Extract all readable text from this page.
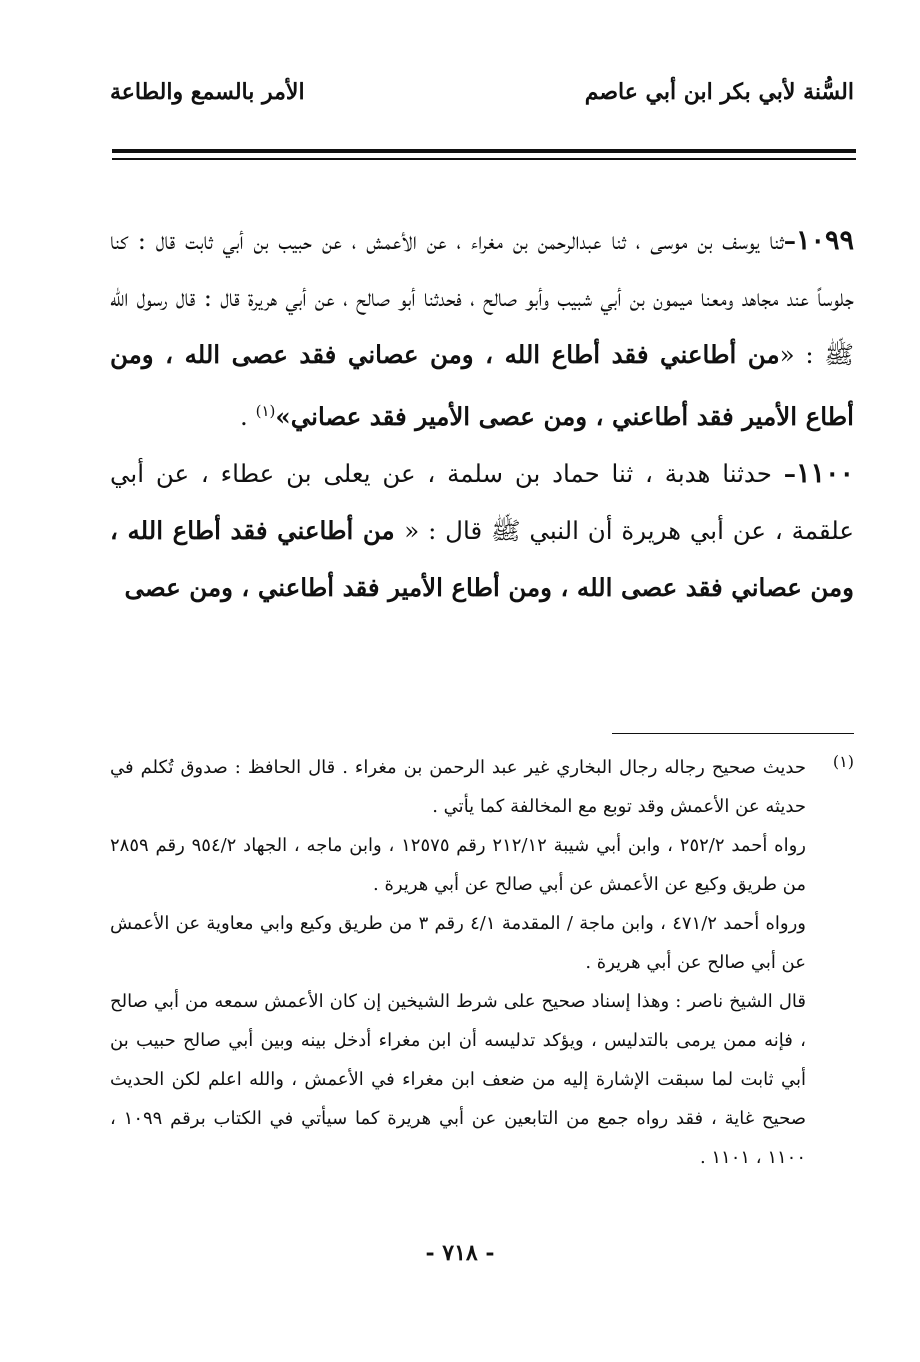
السُّنة لأبي بكر ابن أبي عاصم
الأمر بالسمع والطاعة

١٠٩٩–ثنا يوسف بن موسى ، ثنا عبدالرحمن بن مغراء ، عن الأعمش ، عن حبيب بن أبي ثابت قال : كنا جلوساً عند مجاهد ومعنا ميمون بن أبي شبيب وأبو صالح ، فحدثنا أبو صالح ، عن أبي هريرة قال : قال رسول الله ﷺ : «من أطاعني فقد أطاع الله ، ومن عصاني فقد عصى الله ، ومن أطاع الأمير فقد أطاعني ، ومن عصى الأمير فقد عصاني»$^{(١)}$ .

١١٠٠– حدثنا هدبة ، ثنا حماد بن سلمة ، عن يعلى بن عطاء ، عن أبي علقمة ، عن أبي هريرة أن النبي ﷺ قال : « من أطاعني فقد أطاع الله ، ومن عصاني فقد عصى الله ، ومن أطاع الأمير فقد أطاعني ، ومن عصى

(١)

حديث صحيح رجاله رجال البخاري غير عبد الرحمن بن مغراء . قال الحافظ : صدوق تُكلم في حديثه عن الأعمش وقد توبع مع المخالفة كما يأتي .

رواه أحمد ٢٥٢/٢ ، وابن أبي شيبة ٢١٢/١٢ رقم ١٢٥٧٥ ، وابن ماجه ، الجهاد ٩٥٤/٢ رقم ٢٨٥٩ من طريق وكيع عن الأعمش عن أبي صالح عن أبي هريرة .

ورواه أحمد ٤٧١/٢ ، وابن ماجة / المقدمة ٤/١ رقم ٣ من طريق وكيع وابي معاوية عن الأعمش عن أبي صالح عن أبي هريرة .

قال الشيخ ناصر : وهذا إسناد صحيح على شرط الشيخين إن كان الأعمش سمعه من أبي صالح ، فإنه ممن يرمى بالتدليس ، ويؤكد تدليسه أن ابن مغراء أدخل بينه وبين أبي صالح حبيب بن أبي ثابت لما سبقت الإشارة إليه من ضعف ابن مغراء في الأعمش ، والله اعلم لكن الحديث صحيح غاية ، فقد رواه جمع من التابعين عن أبي هريرة كما سيأتي في الكتاب برقم ١٠٩٩ ، ١١٠٠ ، ١١٠١ .

- ٧١٨ -
